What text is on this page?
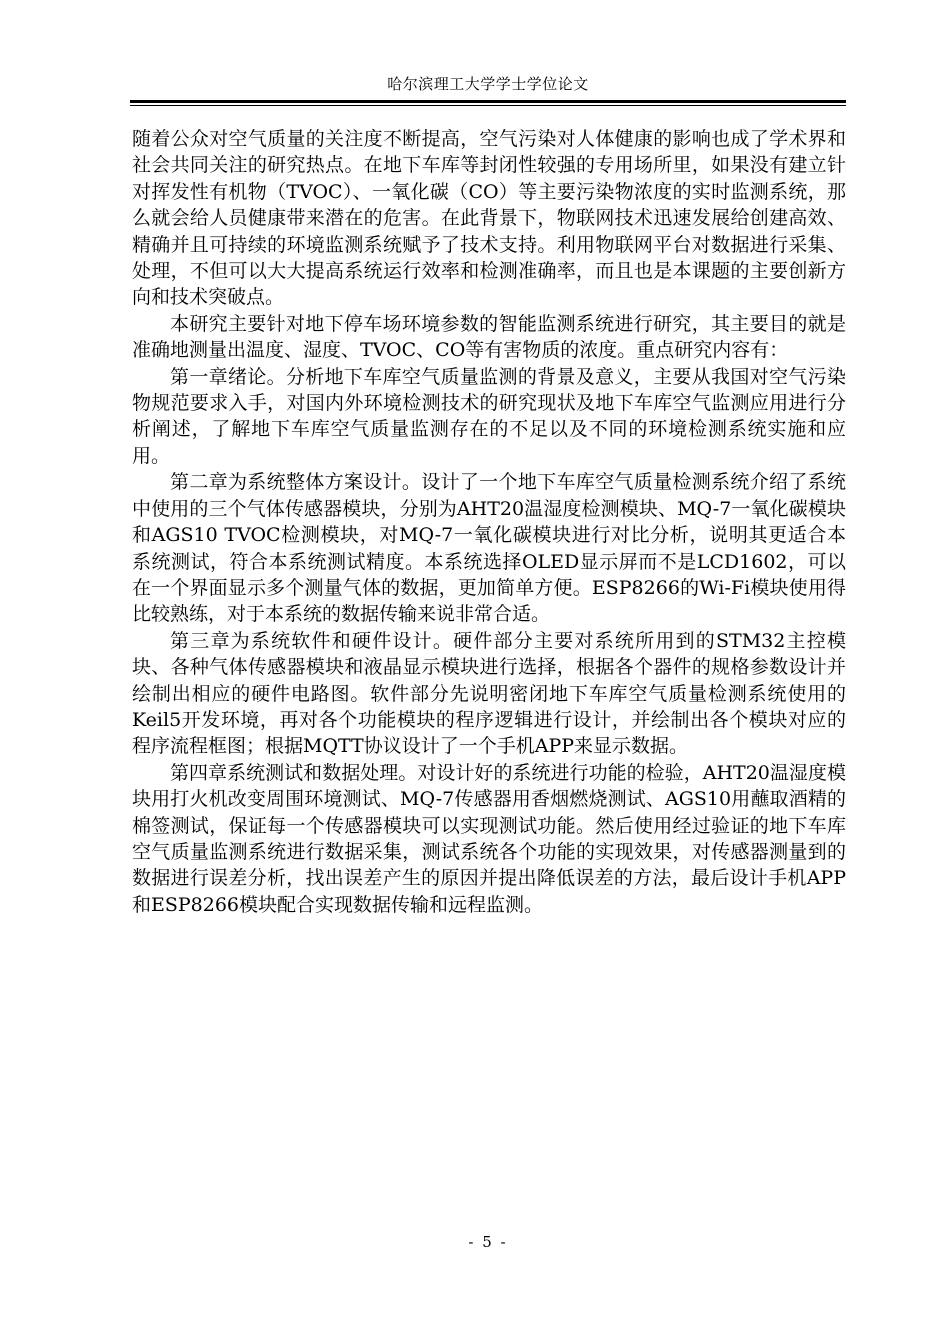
哈尔滨理工大学学士学位论文

随着公众对空气质量的关注度不断提高，空气污染对人体健康的影响也成了学术界和社会共同关注的研究热点。在地下车库等封闭性较强的专用场所里，如果没有建立针对挥发性有机物（TVOC）、一氧化碳（CO）等主要污染物浓度的实时监测系统，那么就会给人员健康带来潜在的危害。在此背景下，物联网技术迅速发展给创建高效、精确并且可持续的环境监测系统赋予了技术支持。利用物联网平台对数据进行采集、处理，不但可以大大提高系统运行效率和检测准确率，而且也是本课题的主要创新方向和技术突破点。

本研究主要针对地下停车场环境参数的智能监测系统进行研究，其主要目的就是准确地测量出温度、湿度、TVOC、CO等有害物质的浓度。重点研究内容有：

第一章绪论。分析地下车库空气质量监测的背景及意义，主要从我国对空气污染物规范要求入手，对国内外环境检测技术的研究现状及地下车库空气监测应用进行分析阐述，了解地下车库空气质量监测存在的不足以及不同的环境检测系统实施和应用。

第二章为系统整体方案设计。设计了一个地下车库空气质量检测系统介绍了系统中使用的三个气体传感器模块，分别为AHT20温湿度检测模块、MQ-7一氧化碳模块和AGS10 TVOC检测模块，对MQ-7一氧化碳模块进行对比分析，说明其更适合本系统测试，符合本系统测试精度。本系统选择OLED显示屏而不是LCD1602，可以在一个界面显示多个测量气体的数据，更加简单方便。ESP8266的Wi-Fi模块使用得比较熟练，对于本系统的数据传输来说非常合适。

第三章为系统软件和硬件设计。硬件部分主要对系统所用到的STM32主控模块、各种气体传感器模块和液晶显示模块进行选择，根据各个器件的规格参数设计并绘制出相应的硬件电路图。软件部分先说明密闭地下车库空气质量检测系统使用的Keil5开发环境，再对各个功能模块的程序逻辑进行设计，并绘制出各个模块对应的程序流程框图；根据MQTT协议设计了一个手机APP来显示数据。

第四章系统测试和数据处理。对设计好的系统进行功能的检验，AHT20温湿度模块用打火机改变周围环境测试、MQ-7传感器用香烟燃烧测试、AGS10用蘸取酒精的棉签测试，保证每一个传感器模块可以实现测试功能。然后使用经过验证的地下车库空气质量监测系统进行数据采集，测试系统各个功能的实现效果，对传感器测量到的数据进行误差分析，找出误差产生的原因并提出降低误差的方法，最后设计手机APP和ESP8266模块配合实现数据传输和远程监测。

- 5 -
